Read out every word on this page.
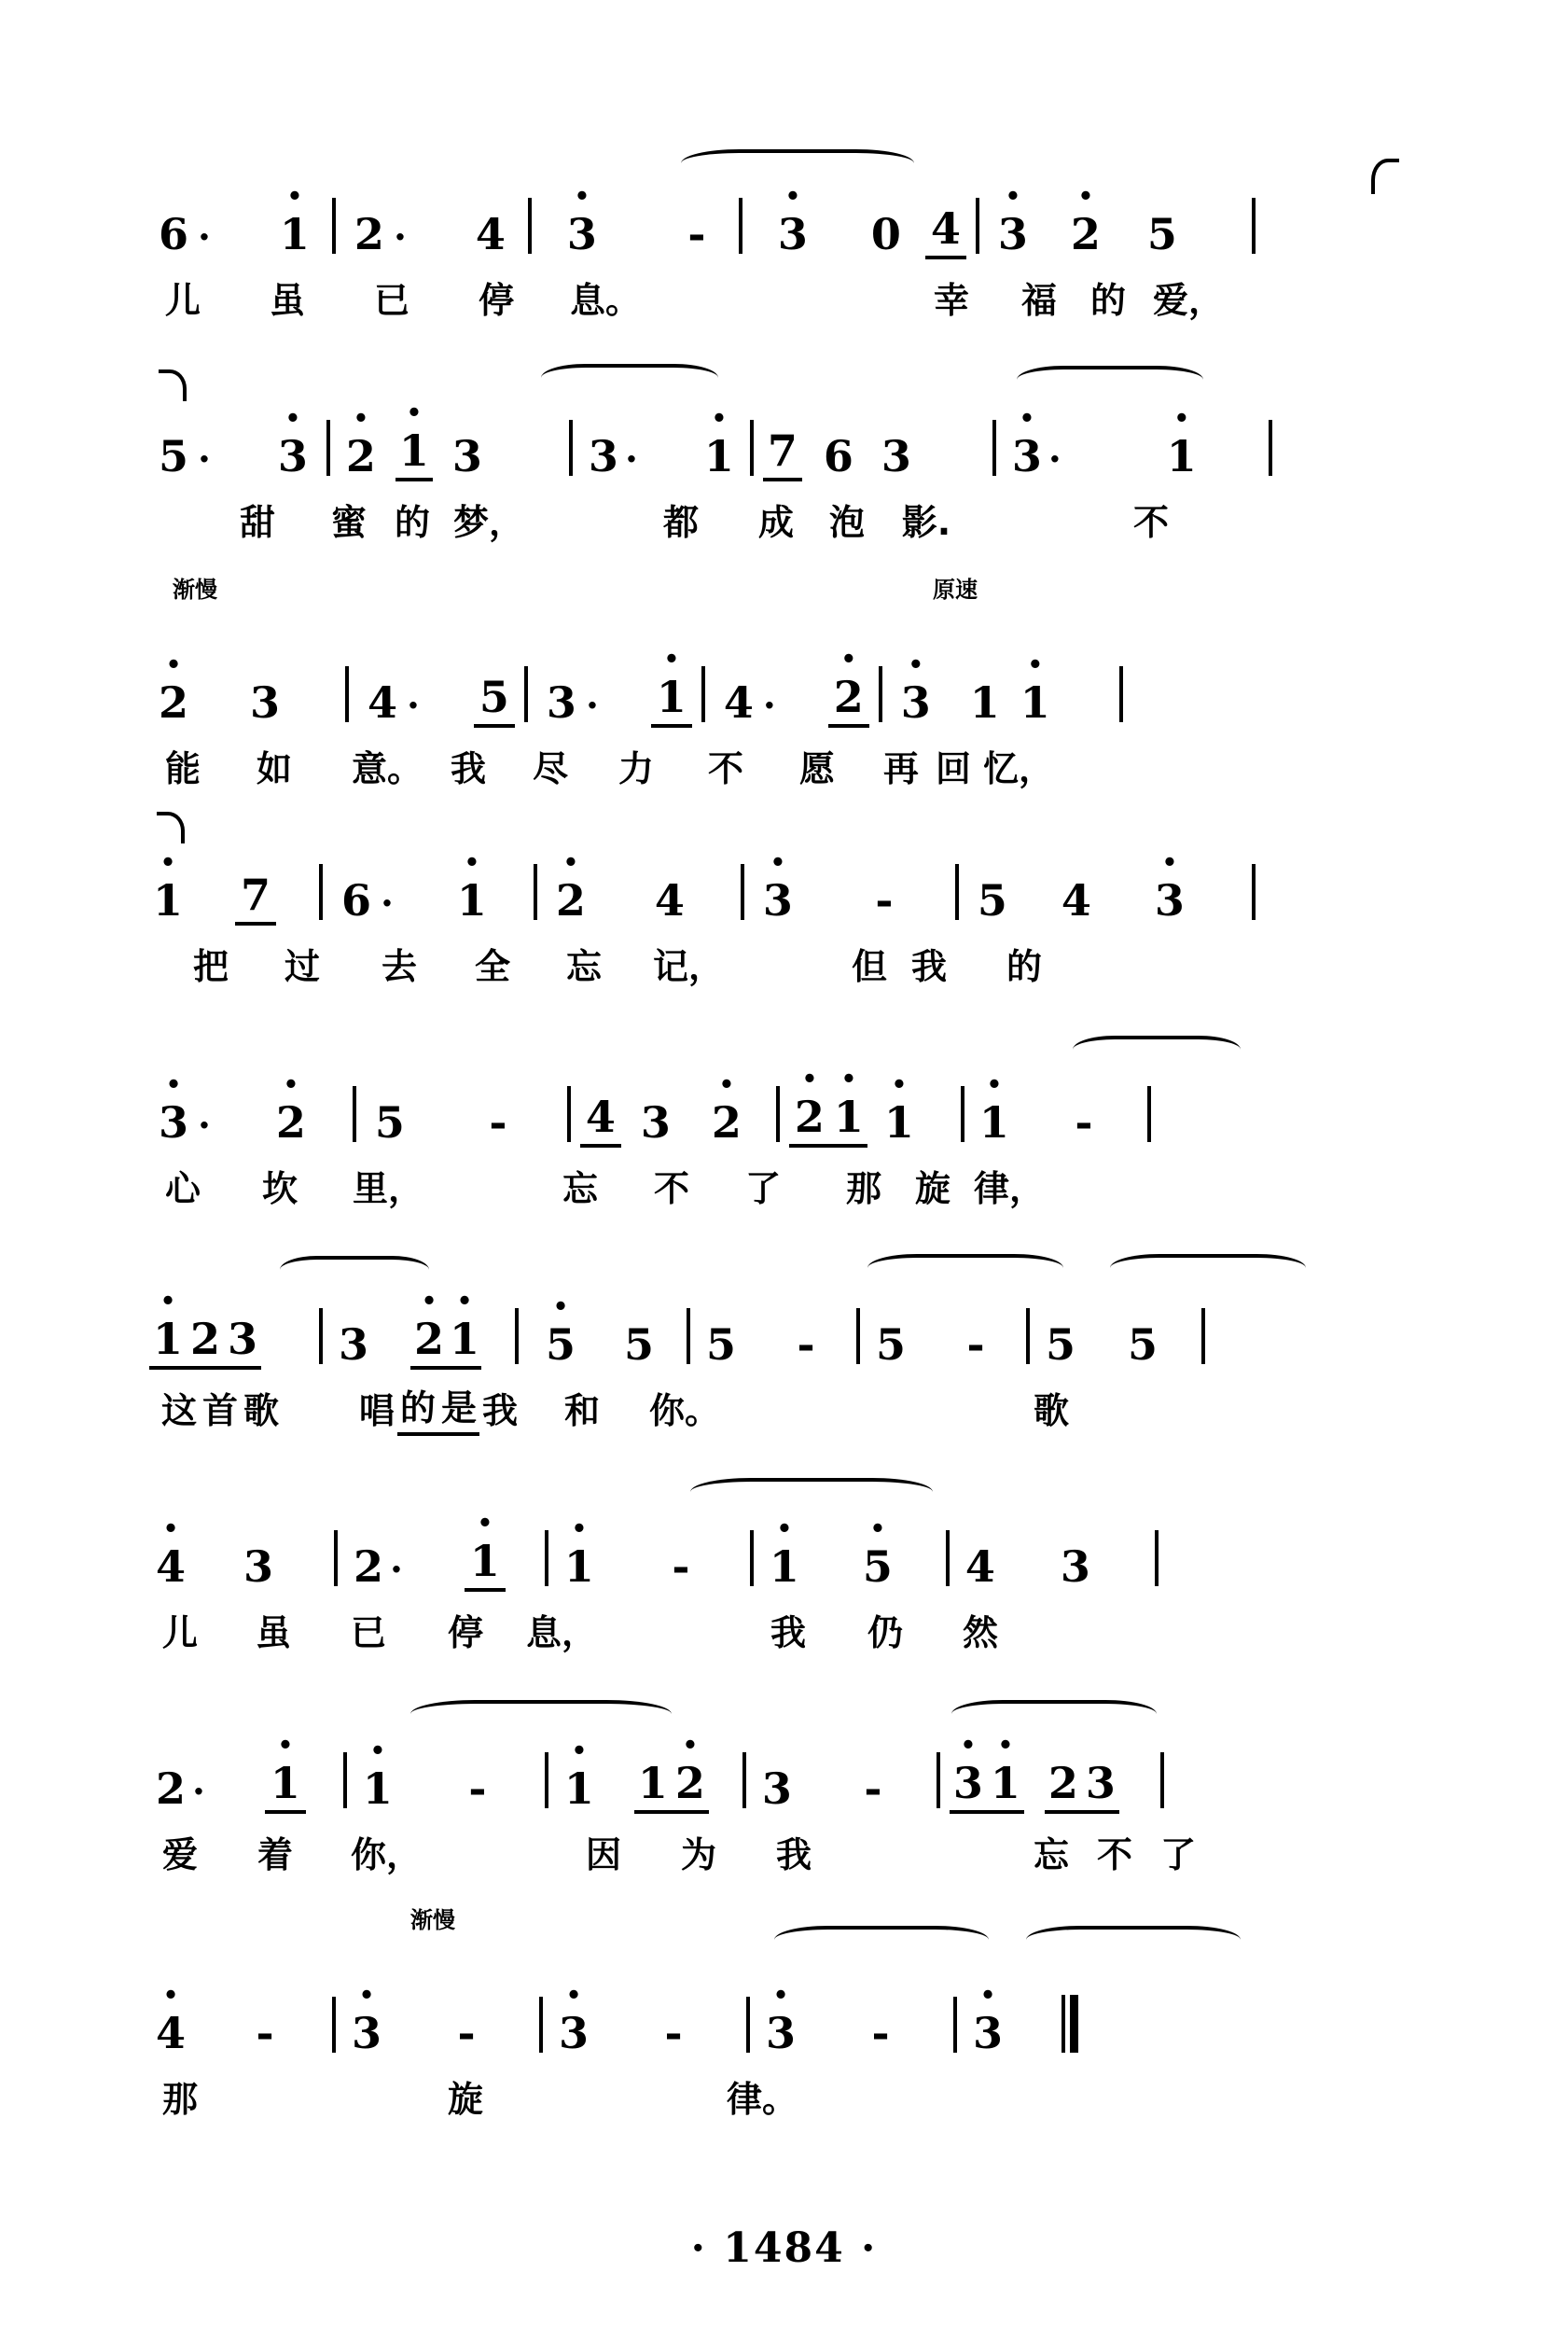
6 ·	• 1	2 ·	4	• 3	-	• 3 0 4 • 3 • 2 5
儿 虽 已 停 息。	幸 福 的 爱，
5 · • 3 • 2 • 1 3 3 · • 1 7 6 3 • 3 · • 1
甜 蜜 的 梦，	都 成 泡 影.	不
渐慢	原速
• 2 3 4 · 5 3 · • 1 4 · • 2 • 3 1 • 1
能 如 意。 我 尽 力 不 愿 再 回 忆，
• 1 7 6 · • 1 • 2 4 • 3	-	5 4 • 3
把 过 去 全 忘 记，	但 我 的
• 3 · • 2 5	-	4 3 • 2 • 2 • 1 • 1 • 1	-
心 坎 里，	忘 不 了 那 旋 律，
• 1 2 3 3 • 2 • 1 • 5 5 5	-	5	-	5 5
这 首 歌 唱 的 是 我 和 你。	歌
• 4 3 2 · • 1 • 1	-	• 1 • 5 4 3
儿 虽 已 停 息，	我 仍 然
2 · • 1 • 1	-	• 1 1 • 2 3	-	• 3 • 1 2 3
爱 着 你，	因 为 我	忘 不 了
渐慢
• 4	-	• 3	-	• 3	-	• 3	-	• 3
那	旋	律。
· 1484 ·
